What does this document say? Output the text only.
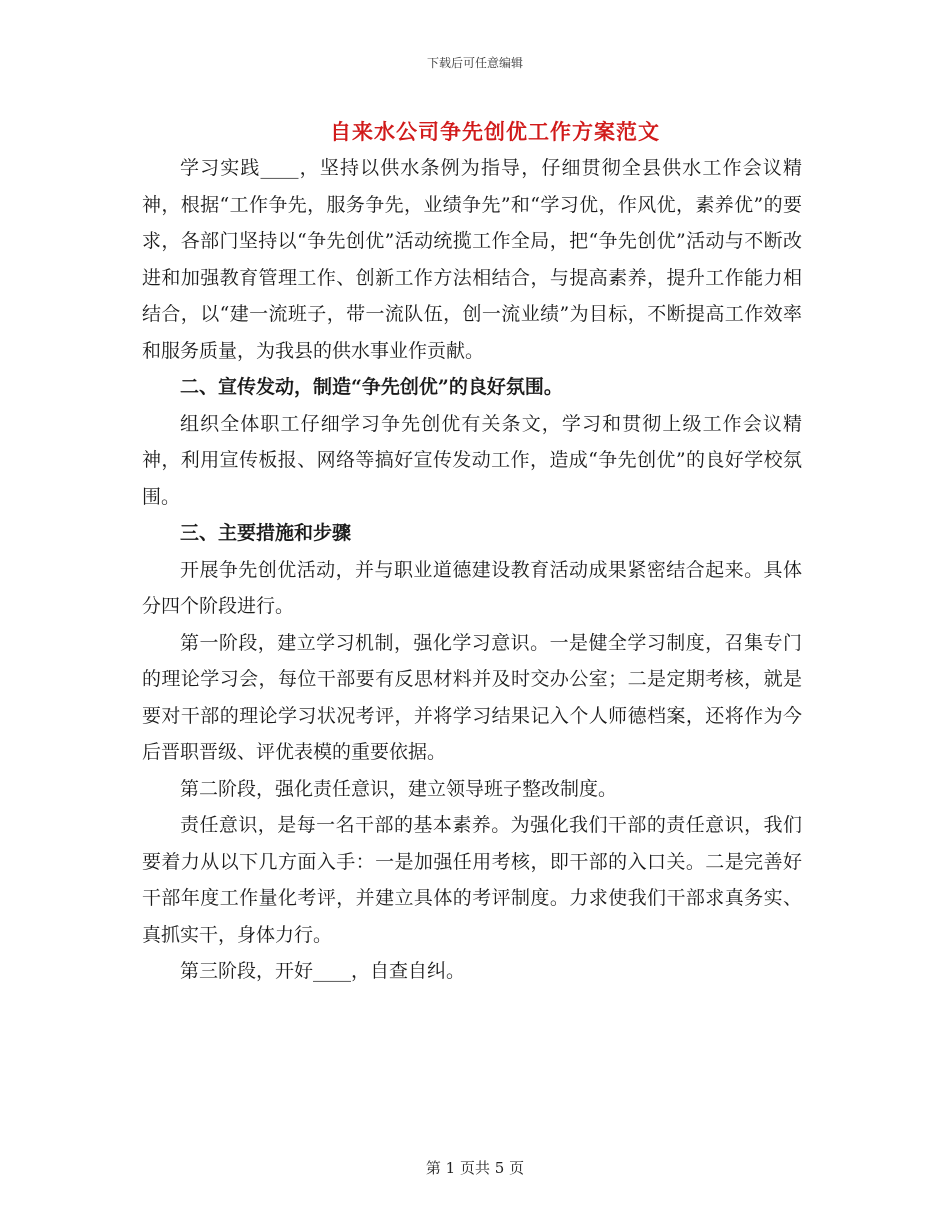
下载后可任意编辑
自来水公司争先创优工作方案范文

学习实践____，坚持以供水条例为指导，仔细贯彻全县供水工作会议精神，根据“工作争先，服务争先，业绩争先”和“学习优，作风优，素养优”的要求，各部门坚持以“争先创优”活动统揽工作全局，把“争先创优”活动与不断改进和加强教育管理工作、创新工作方法相结合，与提高素养，提升工作能力相结合，以“建一流班子，带一流队伍，创一流业绩”为目标，不断提高工作效率和服务质量，为我县的供水事业作贡献。

二、宣传发动，制造“争先创优”的良好氛围。

组织全体职工仔细学习争先创优有关条文，学习和贯彻上级工作会议精神，利用宣传板报、网络等搞好宣传发动工作，造成“争先创优”的良好学校氛围。

三、主要措施和步骤

开展争先创优活动，并与职业道德建设教育活动成果紧密结合起来。具体分四个阶段进行。

第一阶段，建立学习机制，强化学习意识。一是健全学习制度，召集专门的理论学习会，每位干部要有反思材料并及时交办公室；二是定期考核，就是要对干部的理论学习状况考评，并将学习结果记入个人师德档案，还将作为今后晋职晋级、评优表模的重要依据。

第二阶段，强化责任意识，建立领导班子整改制度。

责任意识，是每一名干部的基本素养。为强化我们干部的责任意识，我们要着力从以下几方面入手：一是加强任用考核，即干部的入口关。二是完善好干部年度工作量化考评，并建立具体的考评制度。力求使我们干部求真务实、真抓实干，身体力行。

第三阶段，开好____，自查自纠。

第 1 页共 5 页
